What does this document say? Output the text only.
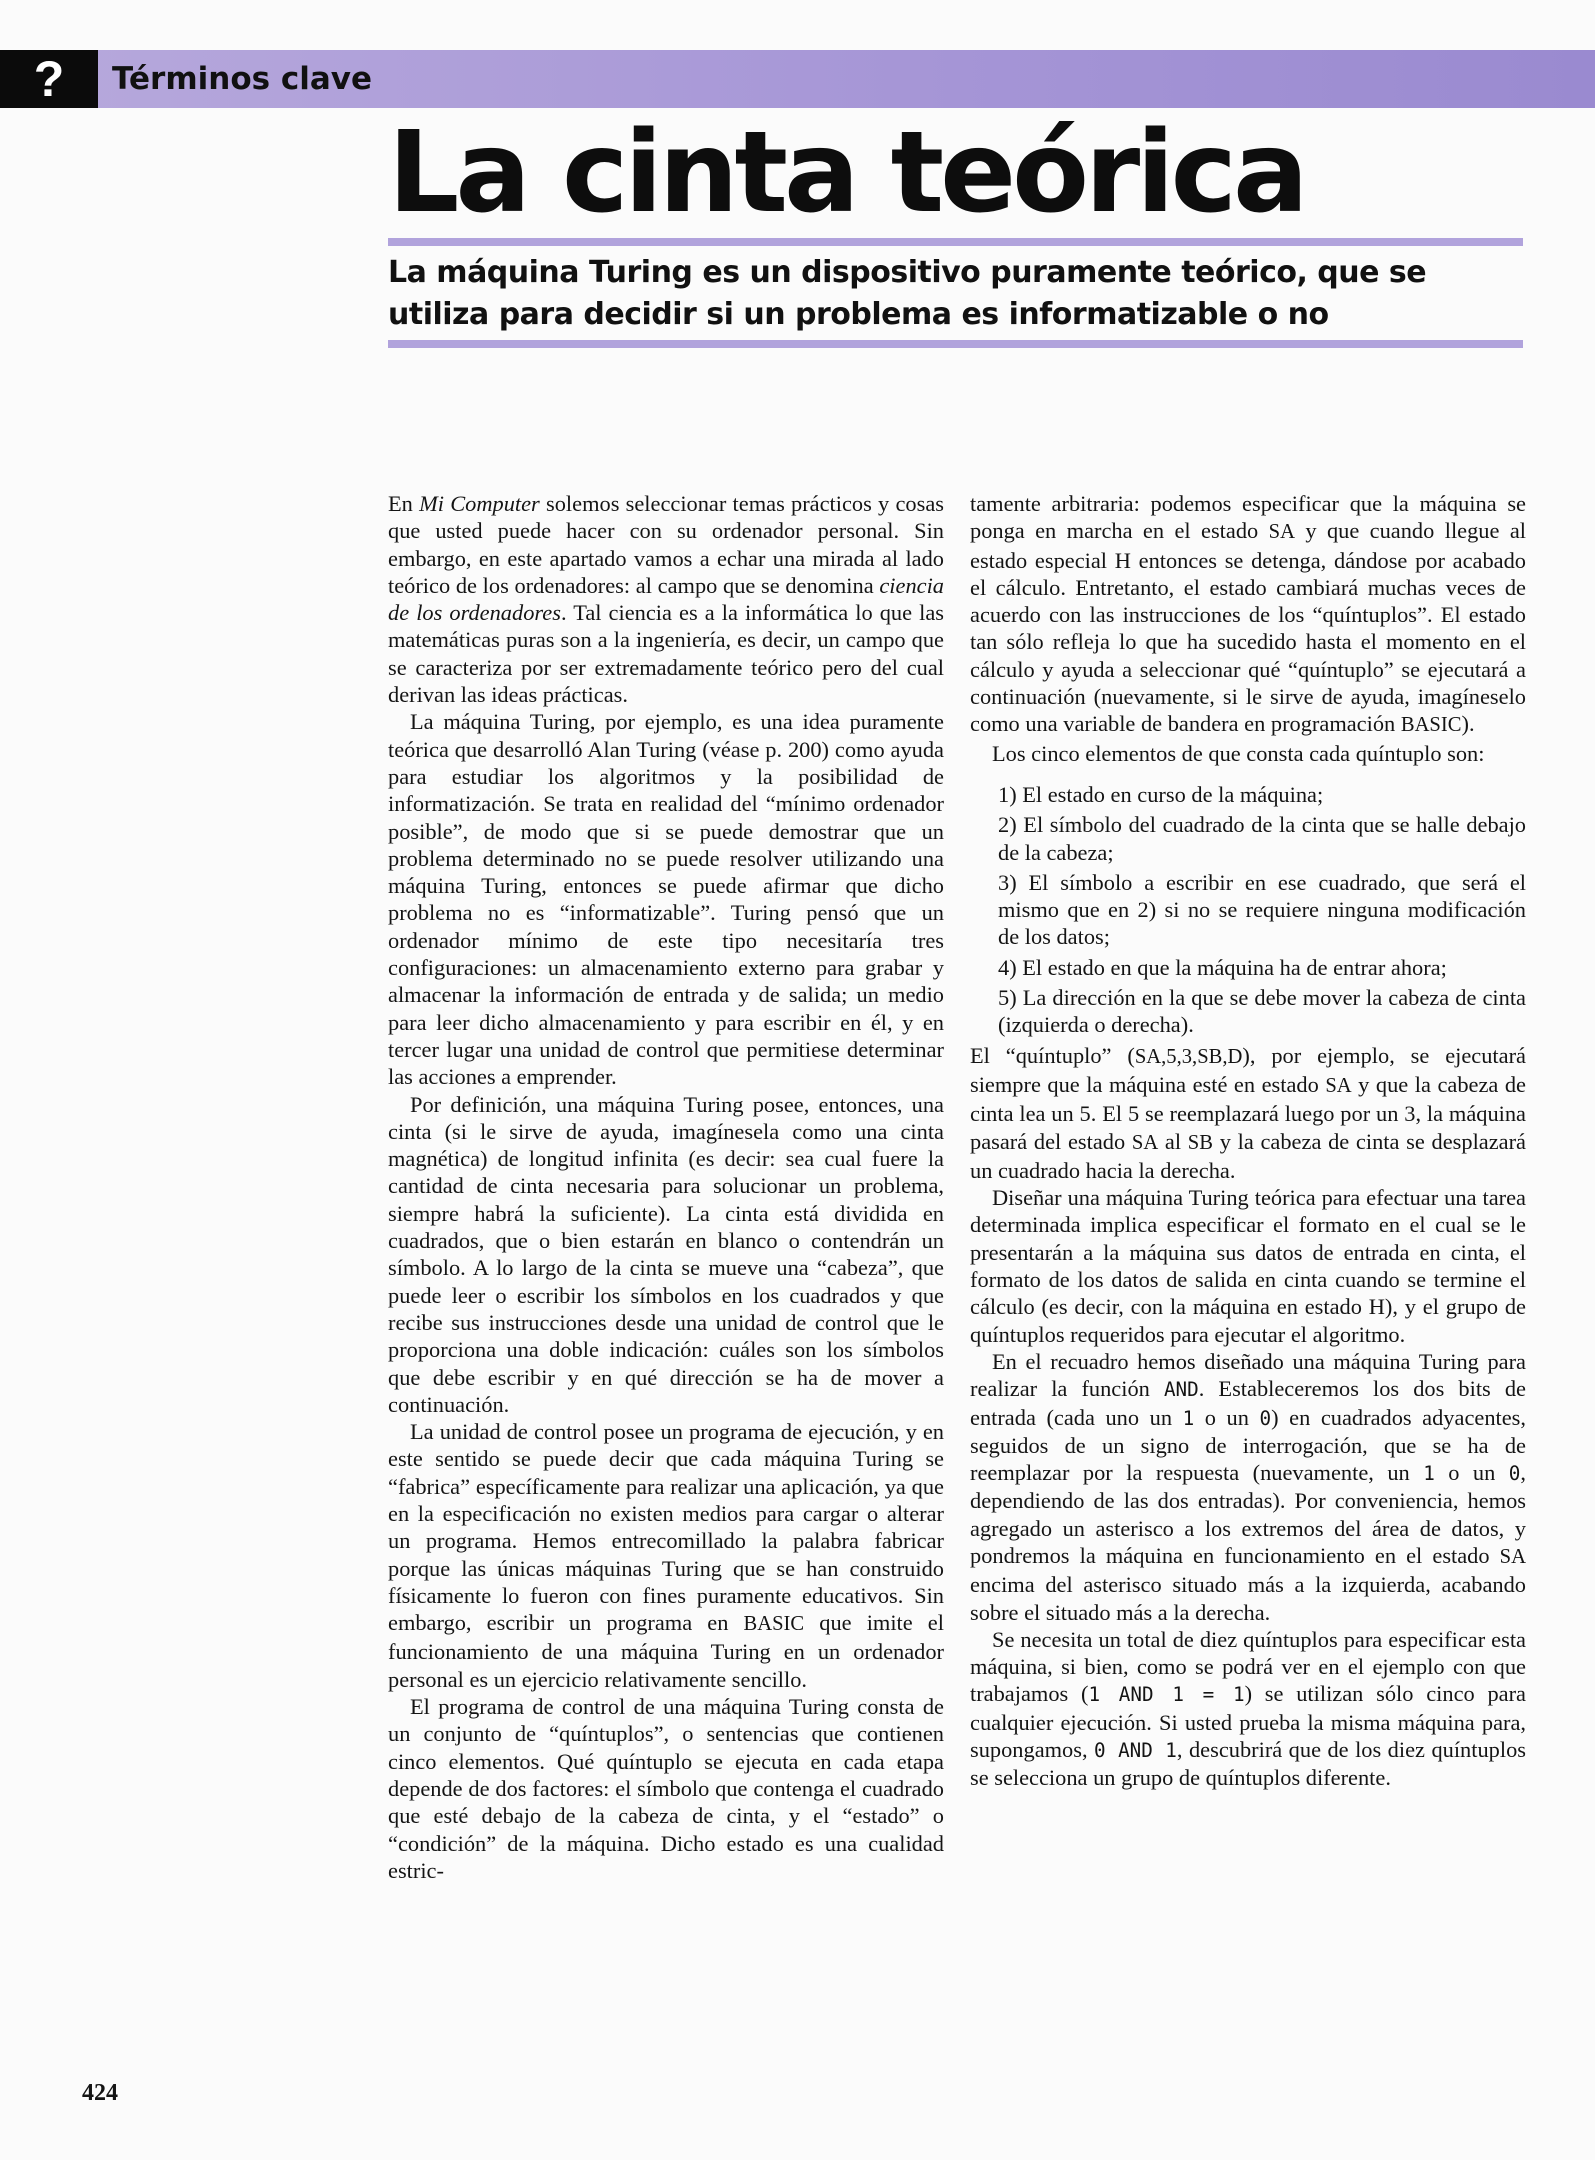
?	Términos clave
La cinta teórica
La máquina Turing es un dispositivo puramente teórico, que se utiliza para decidir si un problema es informatizable o no

En Mi Computer solemos seleccionar temas prácticos y cosas que usted puede hacer con su ordenador personal. Sin embargo, en este apartado vamos a echar una mirada al lado teórico de los ordenadores: al campo que se denomina ciencia de los ordenadores. Tal ciencia es a la informática lo que las matemáticas puras son a la ingeniería, es decir, un campo que se caracteriza por ser extremadamente teórico pero del cual derivan las ideas prácticas.

La máquina Turing, por ejemplo, es una idea puramente teórica que desarrolló Alan Turing (véase p. 200) como ayuda para estudiar los algoritmos y la posibilidad de informatización. Se trata en realidad del “mínimo ordenador posible”, de modo que si se puede demostrar que un problema determinado no se puede resolver utilizando una máquina Turing, entonces se puede afirmar que dicho problema no es “informatizable”. Turing pensó que un ordenador mínimo de este tipo necesitaría tres configuraciones: un almacenamiento externo para grabar y almacenar la información de entrada y de salida; un medio para leer dicho almacenamiento y para escribir en él, y en tercer lugar una unidad de control que permitiese determinar las acciones a emprender.

Por definición, una máquina Turing posee, entonces, una cinta (si le sirve de ayuda, imagínesela como una cinta magnética) de longitud infinita (es decir: sea cual fuere la cantidad de cinta necesaria para solucionar un problema, siempre habrá la suficiente). La cinta está dividida en cuadrados, que o bien estarán en blanco o contendrán un símbolo. A lo largo de la cinta se mueve una “cabeza”, que puede leer o escribir los símbolos en los cuadrados y que recibe sus instrucciones desde una unidad de control que le proporciona una doble indicación: cuáles son los símbolos que debe escribir y en qué dirección se ha de mover a continuación.

La unidad de control posee un programa de ejecución, y en este sentido se puede decir que cada máquina Turing se “fabrica” específicamente para realizar una aplicación, ya que en la especificación no existen medios para cargar o alterar un programa. Hemos entrecomillado la palabra fabricar porque las únicas máquinas Turing que se han construido físicamente lo fueron con fines puramente educativos. Sin embargo, escribir un programa en BASIC que imite el funcionamiento de una máquina Turing en un ordenador personal es un ejercicio relativamente sencillo.

El programa de control de una máquina Turing consta de un conjunto de “quíntuplos”, o sentencias que contienen cinco elementos. Qué quíntuplo se ejecuta en cada etapa depende de dos factores: el símbolo que contenga el cuadrado que esté debajo de la cabeza de cinta, y el “estado” o “condición” de la máquina. Dicho estado es una cualidad estric-

tamente arbitraria: podemos especificar que la máquina se ponga en marcha en el estado SA y que cuando llegue al estado especial H entonces se detenga, dándose por acabado el cálculo. Entretanto, el estado cambiará muchas veces de acuerdo con las instrucciones de los “quíntuplos”. El estado tan sólo refleja lo que ha sucedido hasta el momento en el cálculo y ayuda a seleccionar qué “quíntuplo” se ejecutará a continuación (nuevamente, si le sirve de ayuda, imagíneselo como una variable de bandera en programación BASIC).

Los cinco elementos de que consta cada quíntuplo son:

1) El estado en curso de la máquina;
2) El símbolo del cuadrado de la cinta que se halle debajo de la cabeza;
3) El símbolo a escribir en ese cuadrado, que será el mismo que en 2) si no se requiere ninguna modificación de los datos;
4) El estado en que la máquina ha de entrar ahora;
5) La dirección en la que se debe mover la cabeza de cinta (izquierda o derecha).

El “quíntuplo” (SA,5,3,SB,D), por ejemplo, se ejecutará siempre que la máquina esté en estado SA y que la cabeza de cinta lea un 5. El 5 se reemplazará luego por un 3, la máquina pasará del estado SA al SB y la cabeza de cinta se desplazará un cuadrado hacia la derecha.

Diseñar una máquina Turing teórica para efectuar una tarea determinada implica especificar el formato en el cual se le presentarán a la máquina sus datos de entrada en cinta, el formato de los datos de salida en cinta cuando se termine el cálculo (es decir, con la máquina en estado H), y el grupo de quíntuplos requeridos para ejecutar el algoritmo.

En el recuadro hemos diseñado una máquina Turing para realizar la función AND. Estableceremos los dos bits de entrada (cada uno un 1 o un 0) en cuadrados adyacentes, seguidos de un signo de interrogación, que se ha de reemplazar por la respuesta (nuevamente, un 1 o un 0, dependiendo de las dos entradas). Por conveniencia, hemos agregado un asterisco a los extremos del área de datos, y pondremos la máquina en funcionamiento en el estado SA encima del asterisco situado más a la izquierda, acabando sobre el situado más a la derecha.

Se necesita un total de diez quíntuplos para especificar esta máquina, si bien, como se podrá ver en el ejemplo con que trabajamos (1 AND 1 = 1) se utilizan sólo cinco para cualquier ejecución. Si usted prueba la misma máquina para, supongamos, 0 AND 1, descubrirá que de los diez quíntuplos se selecciona un grupo de quíntuplos diferente.

424
